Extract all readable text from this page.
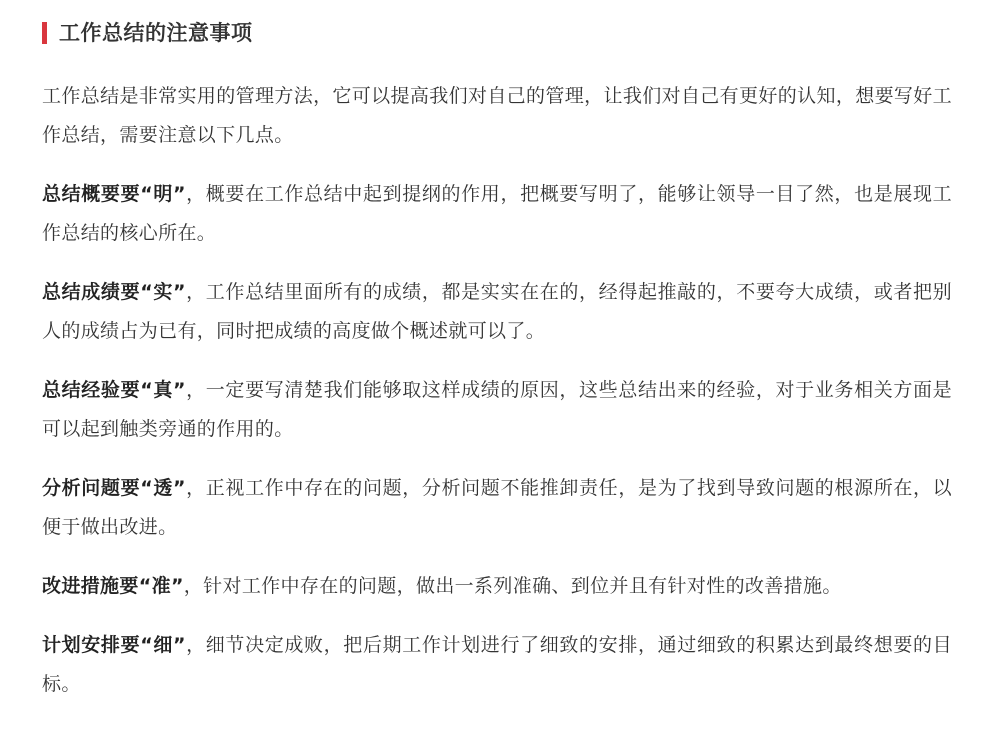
工作总结的注意事项

工作总结是非常实用的管理方法，它可以提高我们对自己的管理，让我们对自己有更好的认知，想要写好工作总结，需要注意以下几点。

总结概要要“明”，概要在工作总结中起到提纲的作用，把概要写明了，能够让领导一目了然，也是展现工作总结的核心所在。

总结成绩要“实”，工作总结里面所有的成绩，都是实实在在的，经得起推敲的，不要夸大成绩，或者把别人的成绩占为已有，同时把成绩的高度做个概述就可以了。

总结经验要“真”，一定要写清楚我们能够取这样成绩的原因，这些总结出来的经验，对于业务相关方面是可以起到触类旁通的作用的。

分析问题要“透”，正视工作中存在的问题，分析问题不能推卸责任，是为了找到导致问题的根源所在，以便于做出改进。

改进措施要“准”，针对工作中存在的问题，做出一系列准确、到位并且有针对性的改善措施。

计划安排要“细”，细节决定成败，把后期工作计划进行了细致的安排，通过细致的积累达到最终想要的目标。
